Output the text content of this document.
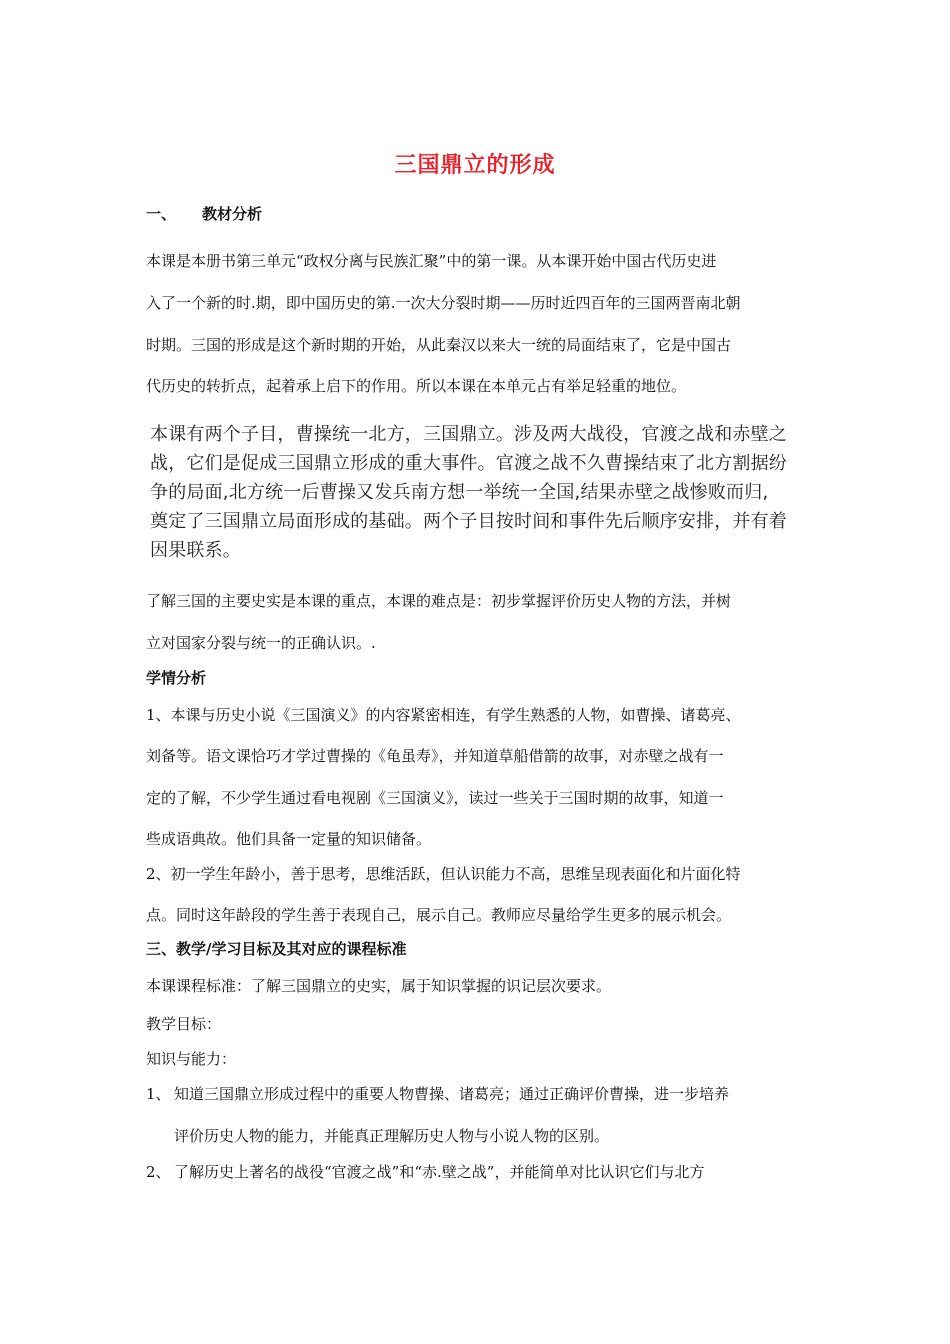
三国鼎立的形成
一、 教材分析
本课是本册书第三单元“政权分离与民族汇聚”中的第一课。从本课开始中国古代历史进
入了一个新的时.期，即中国历史的第.一次大分裂时期——历时近四百年的三国两晋南北朝
时期。三国的形成是这个新时期的开始，从此秦汉以来大一统的局面结束了，它是中国古
代历史的转折点，起着承上启下的作用。所以本课在本单元占有举足轻重的地位。
本课有两个子目，曹操统一北方，三国鼎立。涉及两大战役，官渡之战和赤壁之
战，它们是促成三国鼎立形成的重大事件。官渡之战不久曹操结束了北方割据纷
争的局面,北方统一后曹操又发兵南方想一举统一全国,结果赤壁之战惨败而归,
奠定了三国鼎立局面形成的基础。两个子目按时间和事件先后顺序安排，并有着
因果联系。
了解三国的主要史实是本课的重点，本课的难点是：初步掌握评价历史人物的方法，并树
立对国家分裂与统一的正确认识。.
学情分析
1、本课与历史小说《三国演义》的内容紧密相连，有学生熟悉的人物，如曹操、诸葛亮、
刘备等。语文课恰巧才学过曹操的《龟虽寿》，并知道草船借箭的故事，对赤壁之战有一
定的了解，不少学生通过看电视剧《三国演义》，读过一些关于三国时期的故事，知道一
些成语典故。他们具备一定量的知识储备。
2、初一学生年龄小，善于思考，思维活跃，但认识能力不高，思维呈现表面化和片面化特
点。同时这年龄段的学生善于表现自己，展示自己。教师应尽量给学生更多的展示机会。
三、教学/学习目标及其对应的课程标准
本课课程标准：了解三国鼎立的史实，属于知识掌握的识记层次要求。
教学目标：
知识与能力：
1、 知道三国鼎立形成过程中的重要人物曹操、诸葛亮；通过正确评价曹操，进一步培养
评价历史人物的能力，并能真正理解历史人物与小说人物的区别。
2、 了解历史上著名的战役“官渡之战”和“赤.壁之战”，并能简单对比认识它们与北方
